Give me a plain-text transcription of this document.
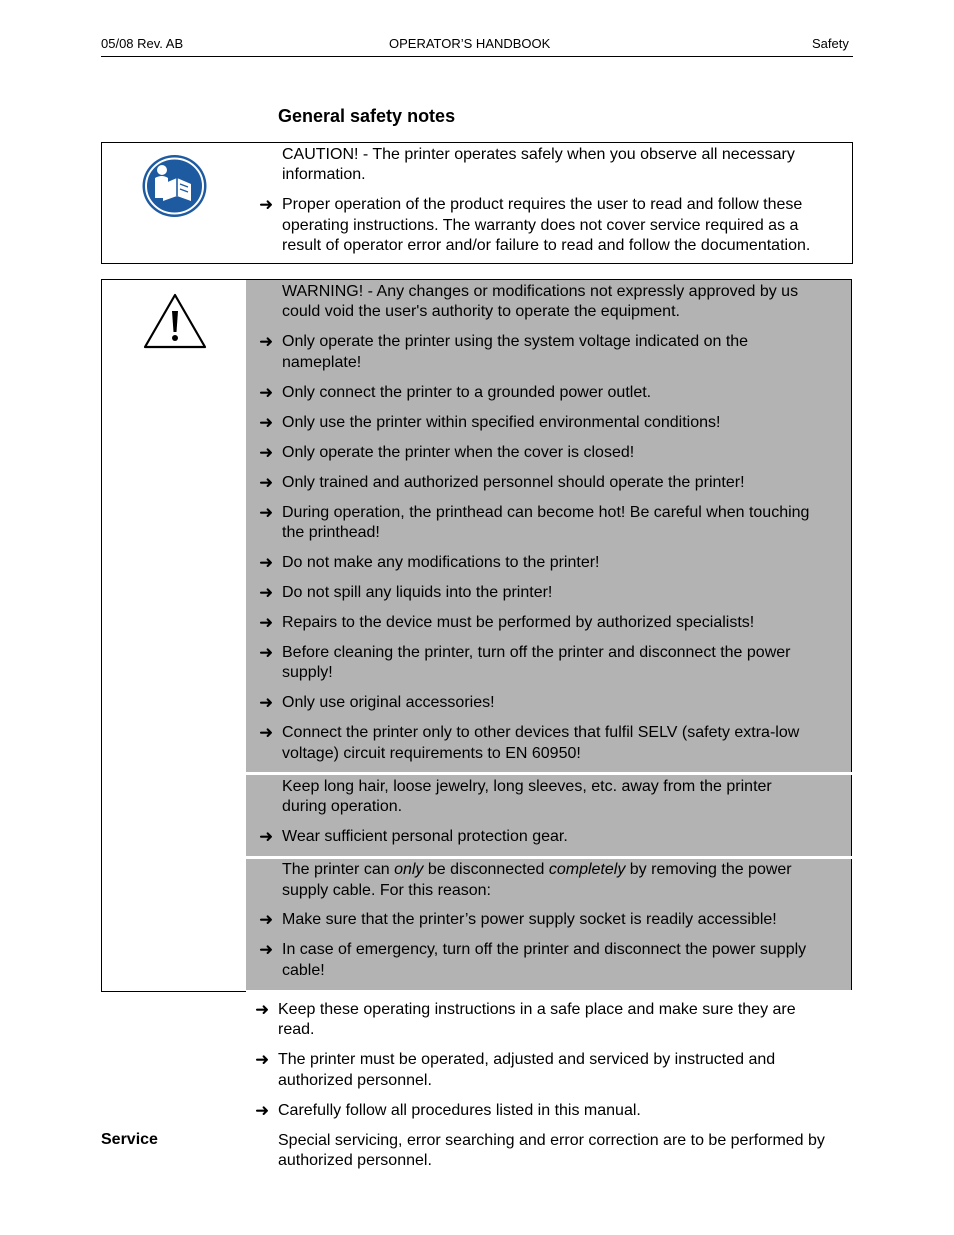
05/08 Rev. AB	OPERATOR’S HANDBOOK	Safety
General safety notes
CAUTION! - The printer operates safely when you observe all necessary
information.
➜ Proper operation of the product requires the user to read and follow these
operating instructions. The warranty does not cover service required as a
result of operator error and/or failure to read and follow the documentation.
WARNING! - Any changes or modifications not expressly approved by us
could void the user's authority to operate the equipment.
➜ Only operate the printer using the system voltage indicated on the
nameplate!
➜ Only connect the printer to a grounded power outlet.
➜ Only use the printer within specified environmental conditions!
➜ Only operate the printer when the cover is closed!
➜ Only trained and authorized personnel should operate the printer!
➜ During operation, the printhead can become hot! Be careful when touching
the printhead!
➜ Do not make any modifications to the printer!
➜ Do not spill any liquids into the printer!
➜ Repairs to the device must be performed by authorized specialists!
➜ Before cleaning the printer, turn off the printer and disconnect the power
supply!
➜ Only use original accessories!
➜ Connect the printer only to other devices that fulfil SELV (safety extra-low
voltage) circuit requirements to EN 60950!
Keep long hair, loose jewelry, long sleeves, etc. away from the printer
during operation.
➜ Wear sufficient personal protection gear.
The printer can only be disconnected completely by removing the power
supply cable. For this reason:
➜ Make sure that the printer’s power supply socket is readily accessible!
➜ In case of emergency, turn off the printer and disconnect the power supply
cable!
➜ Keep these operating instructions in a safe place and make sure they are
read.
➜ The printer must be operated, adjusted and serviced by instructed and
authorized personnel.
➜ Carefully follow all procedures listed in this manual.
Service	Special servicing, error searching and error correction are to be performed by
authorized personnel.
